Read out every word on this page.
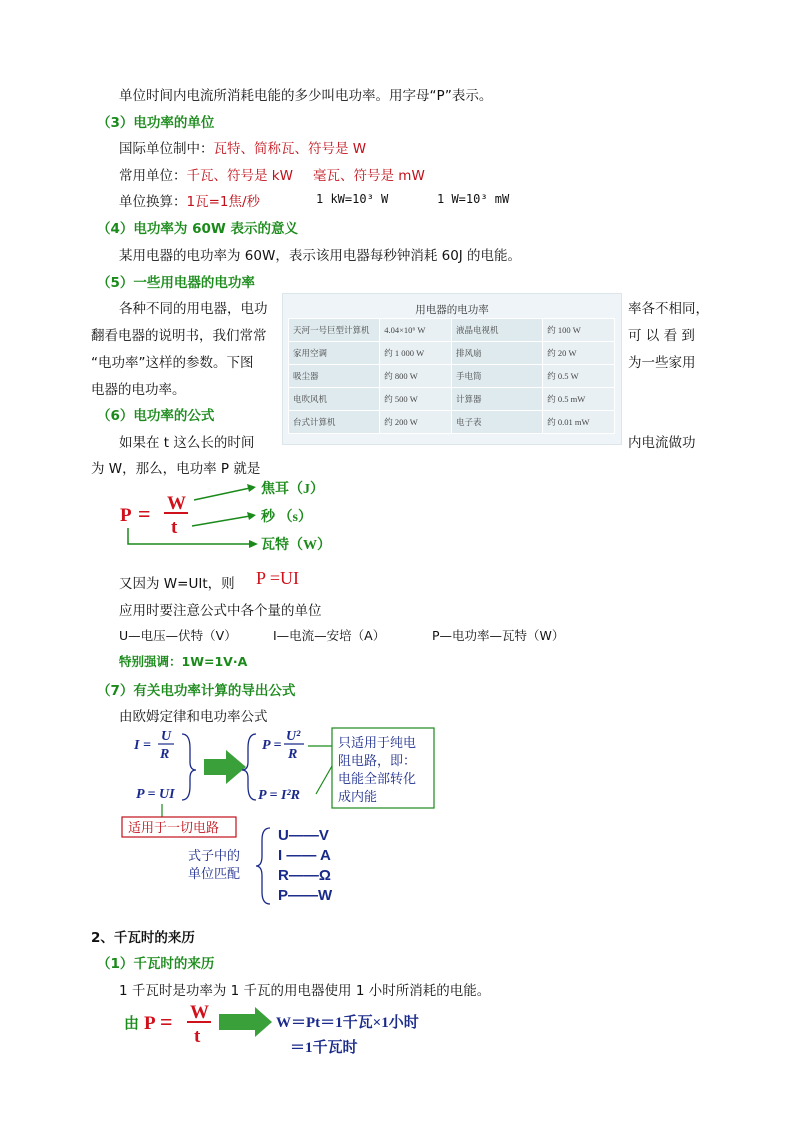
单位时间内电流所消耗电能的多少叫电功率。用字母“P”表示。
（3）电功率的单位
国际单位制中：瓦特、简称瓦、符号是 W
常用单位：千瓦、符号是 kW 毫瓦、符号是 mW
单位换算：1瓦=1焦/秒	1 kW=10³ W	1 W=10³ mW
（4）电功率为 60W 表示的意义
某用电器的电功率为 60W，表示该用电器每秒钟消耗 60J 的电能。
（5）一些用电器的电功率
各种不同的用电器，电功
翻看电器的说明书，我们常常
“电功率”这样的参数。下图
电器的电功率。
率各不相同，
可 以 看 到
为一些家用
用电器的电功率
天河一号巨型计算机	4.04×10⁶ W	液晶电视机	约 100 W
家用空调	约 1 000 W	排风扇	约 20 W
吸尘器	约 800 W	手电筒	约 0.5 W
电吹风机	约 500 W	计算器	约 0.5 mW
台式计算机	约 200 W	电子表	约 0.01 mW
（6）电功率的公式
如果在 t 这么长的时间	内电流做功
为 W，那么，电功率 P 就是
P = W
t
焦耳（J）
秒 （s）
瓦特（W）
又因为 W=UIt，则 P =UI
应用时要注意公式中各个量的单位
U—电压—伏特（V）	I—电流—安培（A）	P—电功率—瓦特（W）
特别强调：1W=1V·A
（7）有关电功率计算的导出公式
由欧姆定律和电功率公式
I =
U
R
P = UI
P =
U²
R
P = I²R
只适用于纯电
阻电路，即：
电能全部转化
成内能
适用于一切电路
式子中的
单位匹配
U——V
I —— A
R——Ω
P——W
2、千瓦时的来历
（1）千瓦时的来历
1 千瓦时是功率为 1 千瓦的用电器使用 1 小时所消耗的电能。
由 P = W
t
W＝Pt＝1千瓦×1小时
＝1千瓦时
